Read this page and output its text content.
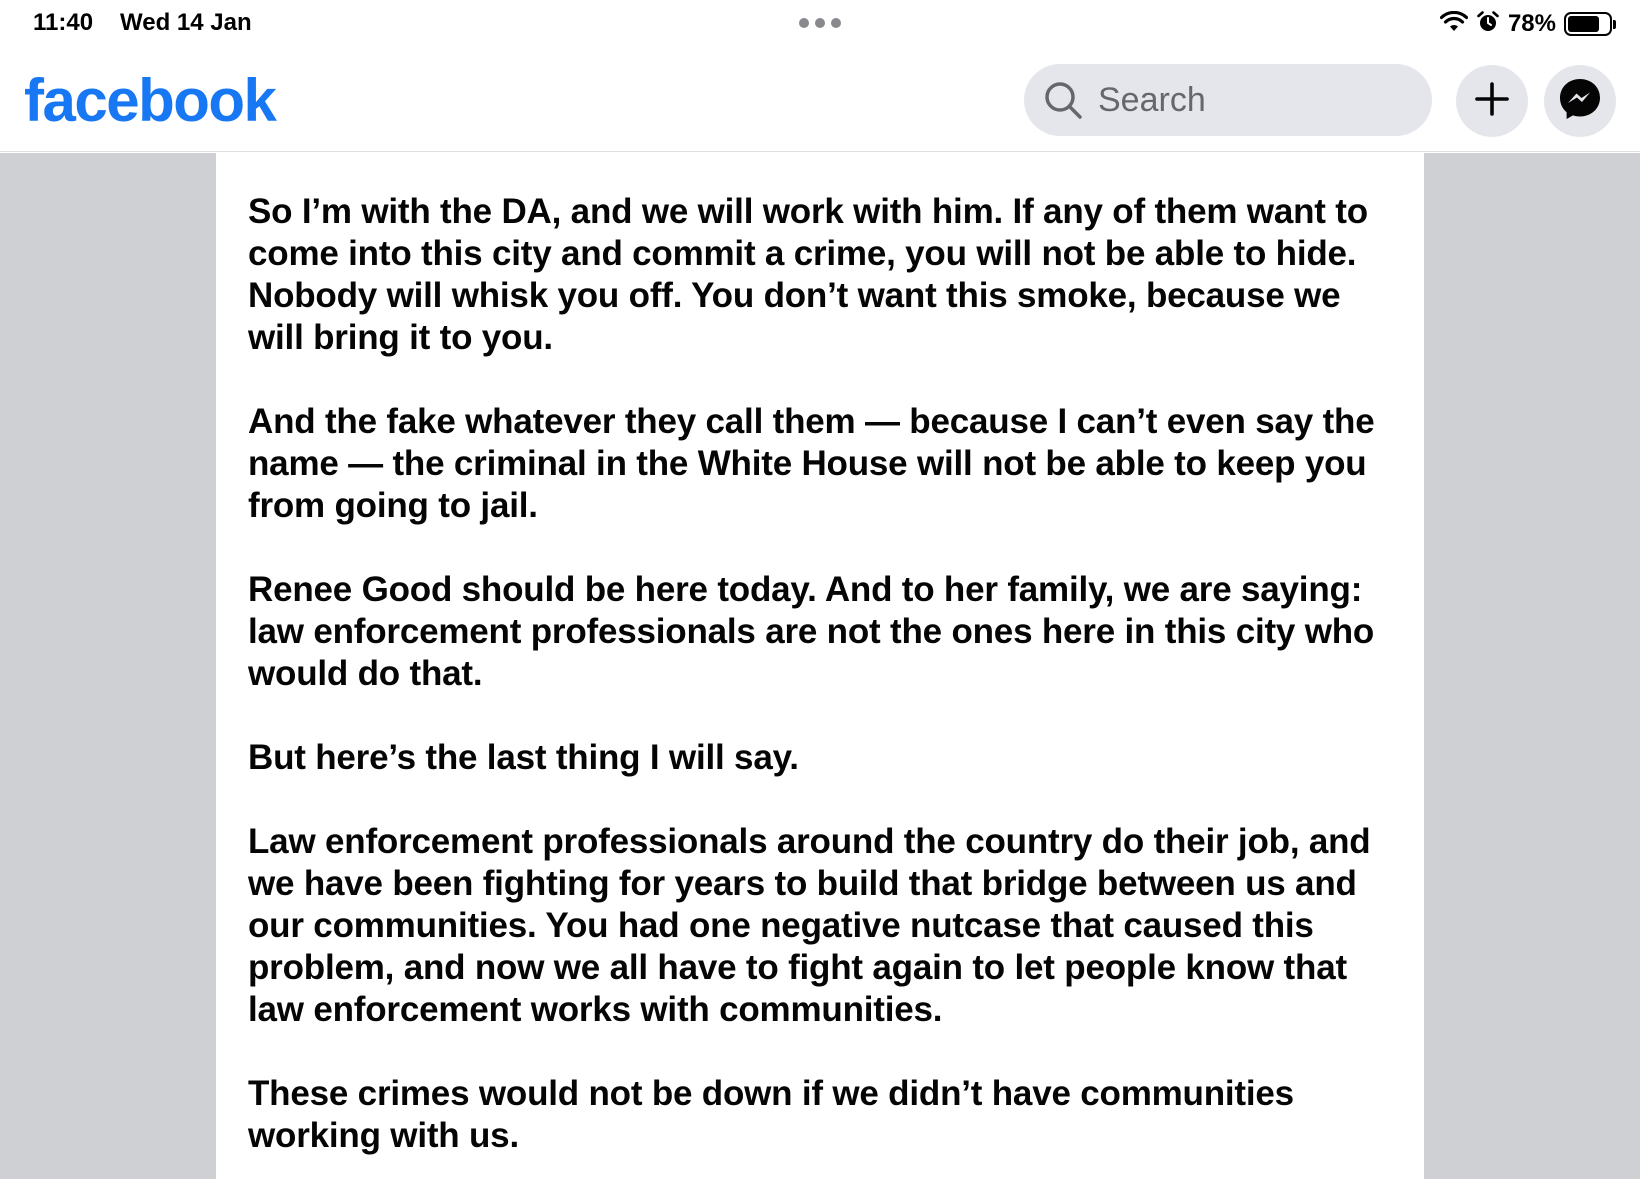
11:40 Wed 14 Jan	78%
facebook
Search

So I’m with the DA, and we will work with him. If any of them want to come into this city and commit a crime, you will not be able to hide. Nobody will whisk you off. You don’t want this smoke, because we will bring it to you.

And the fake whatever they call them — because I can’t even say the name — the criminal in the White House will not be able to keep you from going to jail.

Renee Good should be here today. And to her family, we are saying: law enforcement professionals are not the ones here in this city who would do that.

But here’s the last thing I will say.

Law enforcement professionals around the country do their job, and we have been fighting for years to build that bridge between us and our communities. You had one negative nutcase that caused this problem, and now we all have to fight again to let people know that law enforcement works with communities.

These crimes would not be down if we didn’t have communities working with us.
